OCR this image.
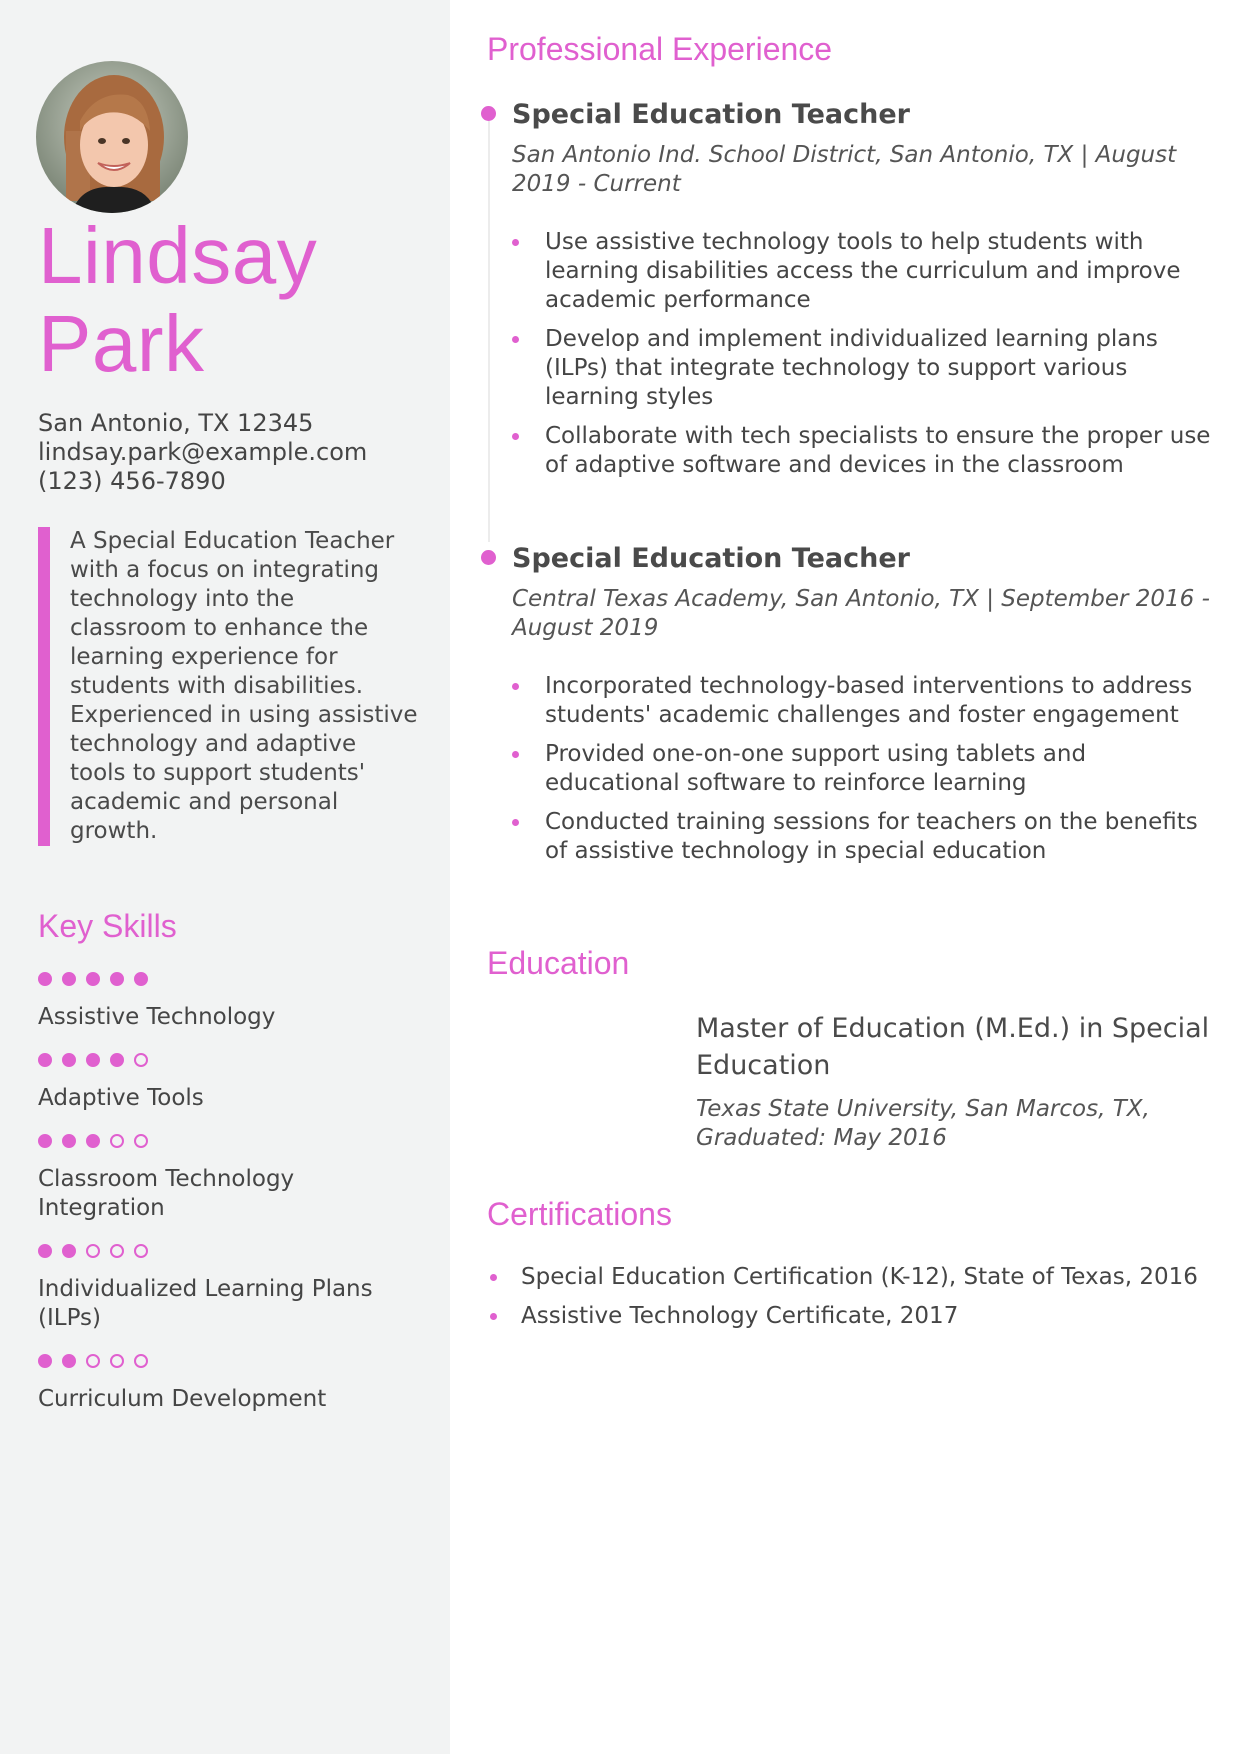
Lindsay
Park
San Antonio, TX 12345
lindsay.park@example.com
(123) 456-7890
A Special Education Teacher with a focus on integrating technology into the classroom to enhance the learning experience for students with disabilities. Experienced in using assistive technology and adaptive tools to support students' academic and personal growth.
Key Skills
Assistive Technology
Adaptive Tools
Classroom Technology Integration
Individualized Learning Plans (ILPs)
Curriculum Development
Professional Experience
Special Education Teacher
San Antonio Ind. School District, San Antonio, TX | August 2019 - Current
Use assistive technology tools to help students with learning disabilities access the curriculum and improve academic performance
Develop and implement individualized learning plans (ILPs) that integrate technology to support various learning styles
Collaborate with tech specialists to ensure the proper use of adaptive software and devices in the classroom
Special Education Teacher
Central Texas Academy, San Antonio, TX | September 2016 - August 2019
Incorporated technology-based interventions to address students' academic challenges and foster engagement
Provided one-on-one support using tablets and educational software to reinforce learning
Conducted training sessions for teachers on the benefits of assistive technology in special education
Education
Master of Education (M.Ed.) in Special Education
Texas State University, San Marcos, TX, Graduated: May 2016
Certifications
Special Education Certification (K-12), State of Texas, 2016
Assistive Technology Certificate, 2017
